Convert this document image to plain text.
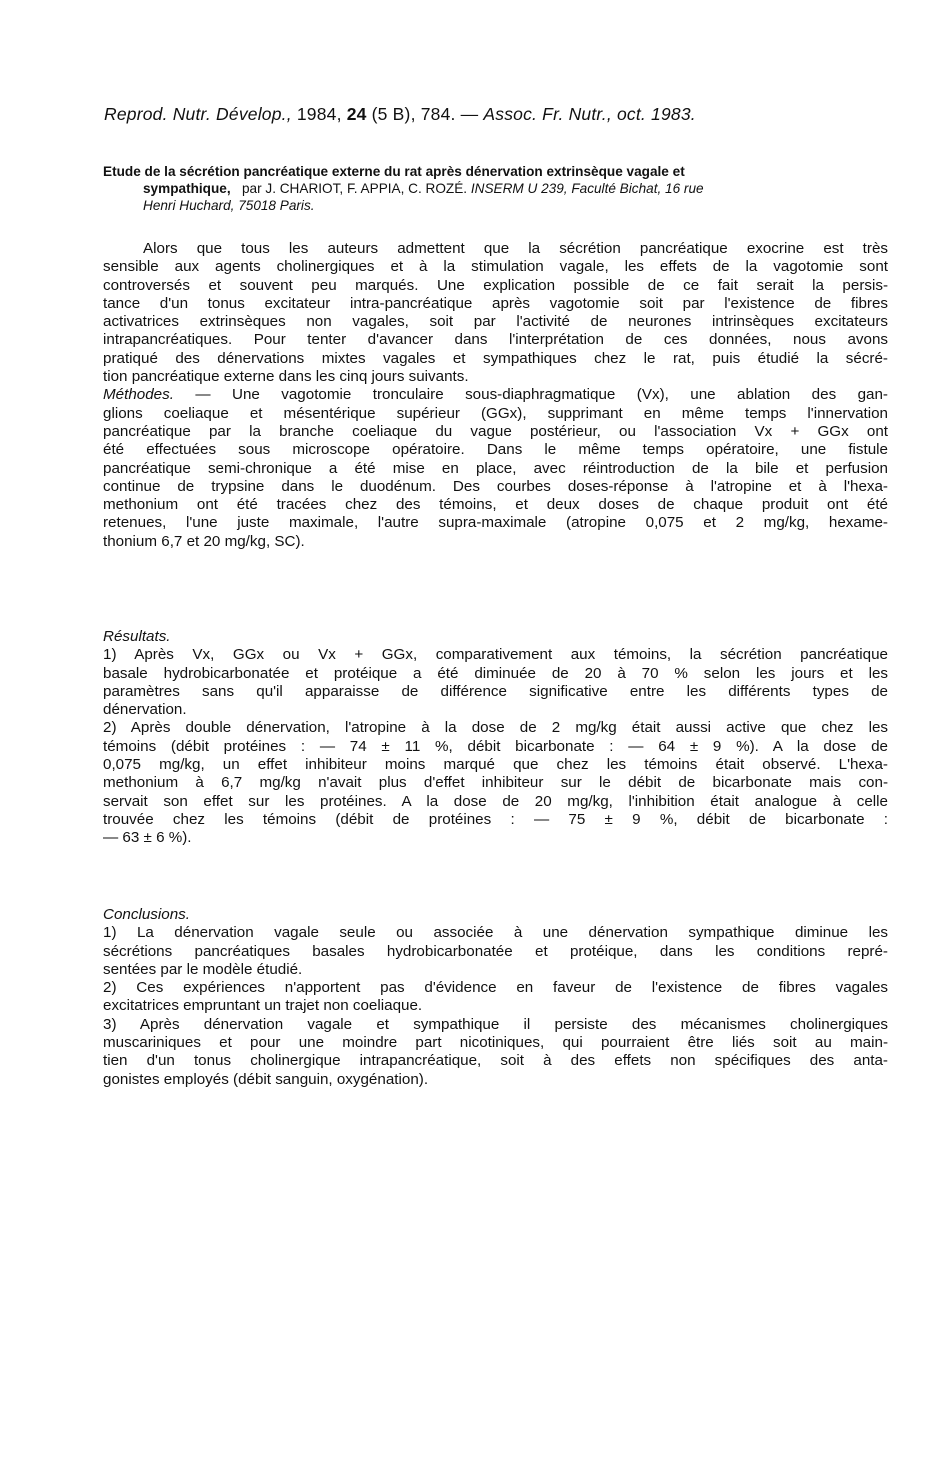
Reprod. Nutr. Dévelop., 1984, 24 (5 B), 784. — Assoc. Fr. Nutr., oct. 1983.
Etude de la sécrétion pancréatique externe du rat après dénervation extrinsèque vagale et
sympathique, par J. CHARIOT, F. APPIA, C. ROZÉ. INSERM U 239, Faculté Bichat, 16 rue
Henri Huchard, 75018 Paris.
Alors que tous les auteurs admettent que la sécrétion pancréatique exocrine est très
sensible aux agents cholinergiques et à la stimulation vagale, les effets de la vagotomie sont
controversés et souvent peu marqués. Une explication possible de ce fait serait la persis-
tance d'un tonus excitateur intra-pancréatique après vagotomie soit par l'existence de fibres
activatrices extrinsèques non vagales, soit par l'activité de neurones intrinsèques excitateurs
intrapancréatiques. Pour tenter d'avancer dans l'interprétation de ces données, nous avons
pratiqué des dénervations mixtes vagales et sympathiques chez le rat, puis étudié la sécré-
tion pancréatique externe dans les cinq jours suivants.
Méthodes. — Une vagotomie tronculaire sous-diaphragmatique (Vx), une ablation des gan-
glions coeliaque et mésentérique supérieur (GGx), supprimant en même temps l'innervation
pancréatique par la branche coeliaque du vague postérieur, ou l'association Vx + GGx ont
été effectuées sous microscope opératoire. Dans le même temps opératoire, une fistule
pancréatique semi-chronique a été mise en place, avec réintroduction de la bile et perfusion
continue de trypsine dans le duodénum. Des courbes doses-réponse à l'atropine et à l'hexa-
methonium ont été tracées chez des témoins, et deux doses de chaque produit ont été
retenues, l'une juste maximale, l'autre supra-maximale (atropine 0,075 et 2 mg/kg, hexame-
thonium 6,7 et 20 mg/kg, SC).
Résultats.
1) Après Vx, GGx ou Vx + GGx, comparativement aux témoins, la sécrétion pancréatique
basale hydrobicarbonatée et protéique a été diminuée de 20 à 70 % selon les jours et les
paramètres sans qu'il apparaisse de différence significative entre les différents types de
dénervation.
2) Après double dénervation, l'atropine à la dose de 2 mg/kg était aussi active que chez les
témoins (débit protéines : — 74 ± 11 %, débit bicarbonate : — 64 ± 9 %). A la dose de
0,075 mg/kg, un effet inhibiteur moins marqué que chez les témoins était observé. L'hexa-
methonium à 6,7 mg/kg n'avait plus d'effet inhibiteur sur le débit de bicarbonate mais con-
servait son effet sur les protéines. A la dose de 20 mg/kg, l'inhibition était analogue à celle
trouvée chez les témoins (débit de protéines : — 75 ± 9 %, débit de bicarbonate :
— 63 ± 6 %).
Conclusions.
1) La dénervation vagale seule ou associée à une dénervation sympathique diminue les
sécrétions pancréatiques basales hydrobicarbonatée et protéique, dans les conditions repré-
sentées par le modèle étudié.
2) Ces expériences n'apportent pas d'évidence en faveur de l'existence de fibres vagales
excitatrices empruntant un trajet non coeliaque.
3) Après dénervation vagale et sympathique il persiste des mécanismes cholinergiques
muscariniques et pour une moindre part nicotiniques, qui pourraient être liés soit au main-
tien d'un tonus cholinergique intrapancréatique, soit à des effets non spécifiques des anta-
gonistes employés (débit sanguin, oxygénation).
